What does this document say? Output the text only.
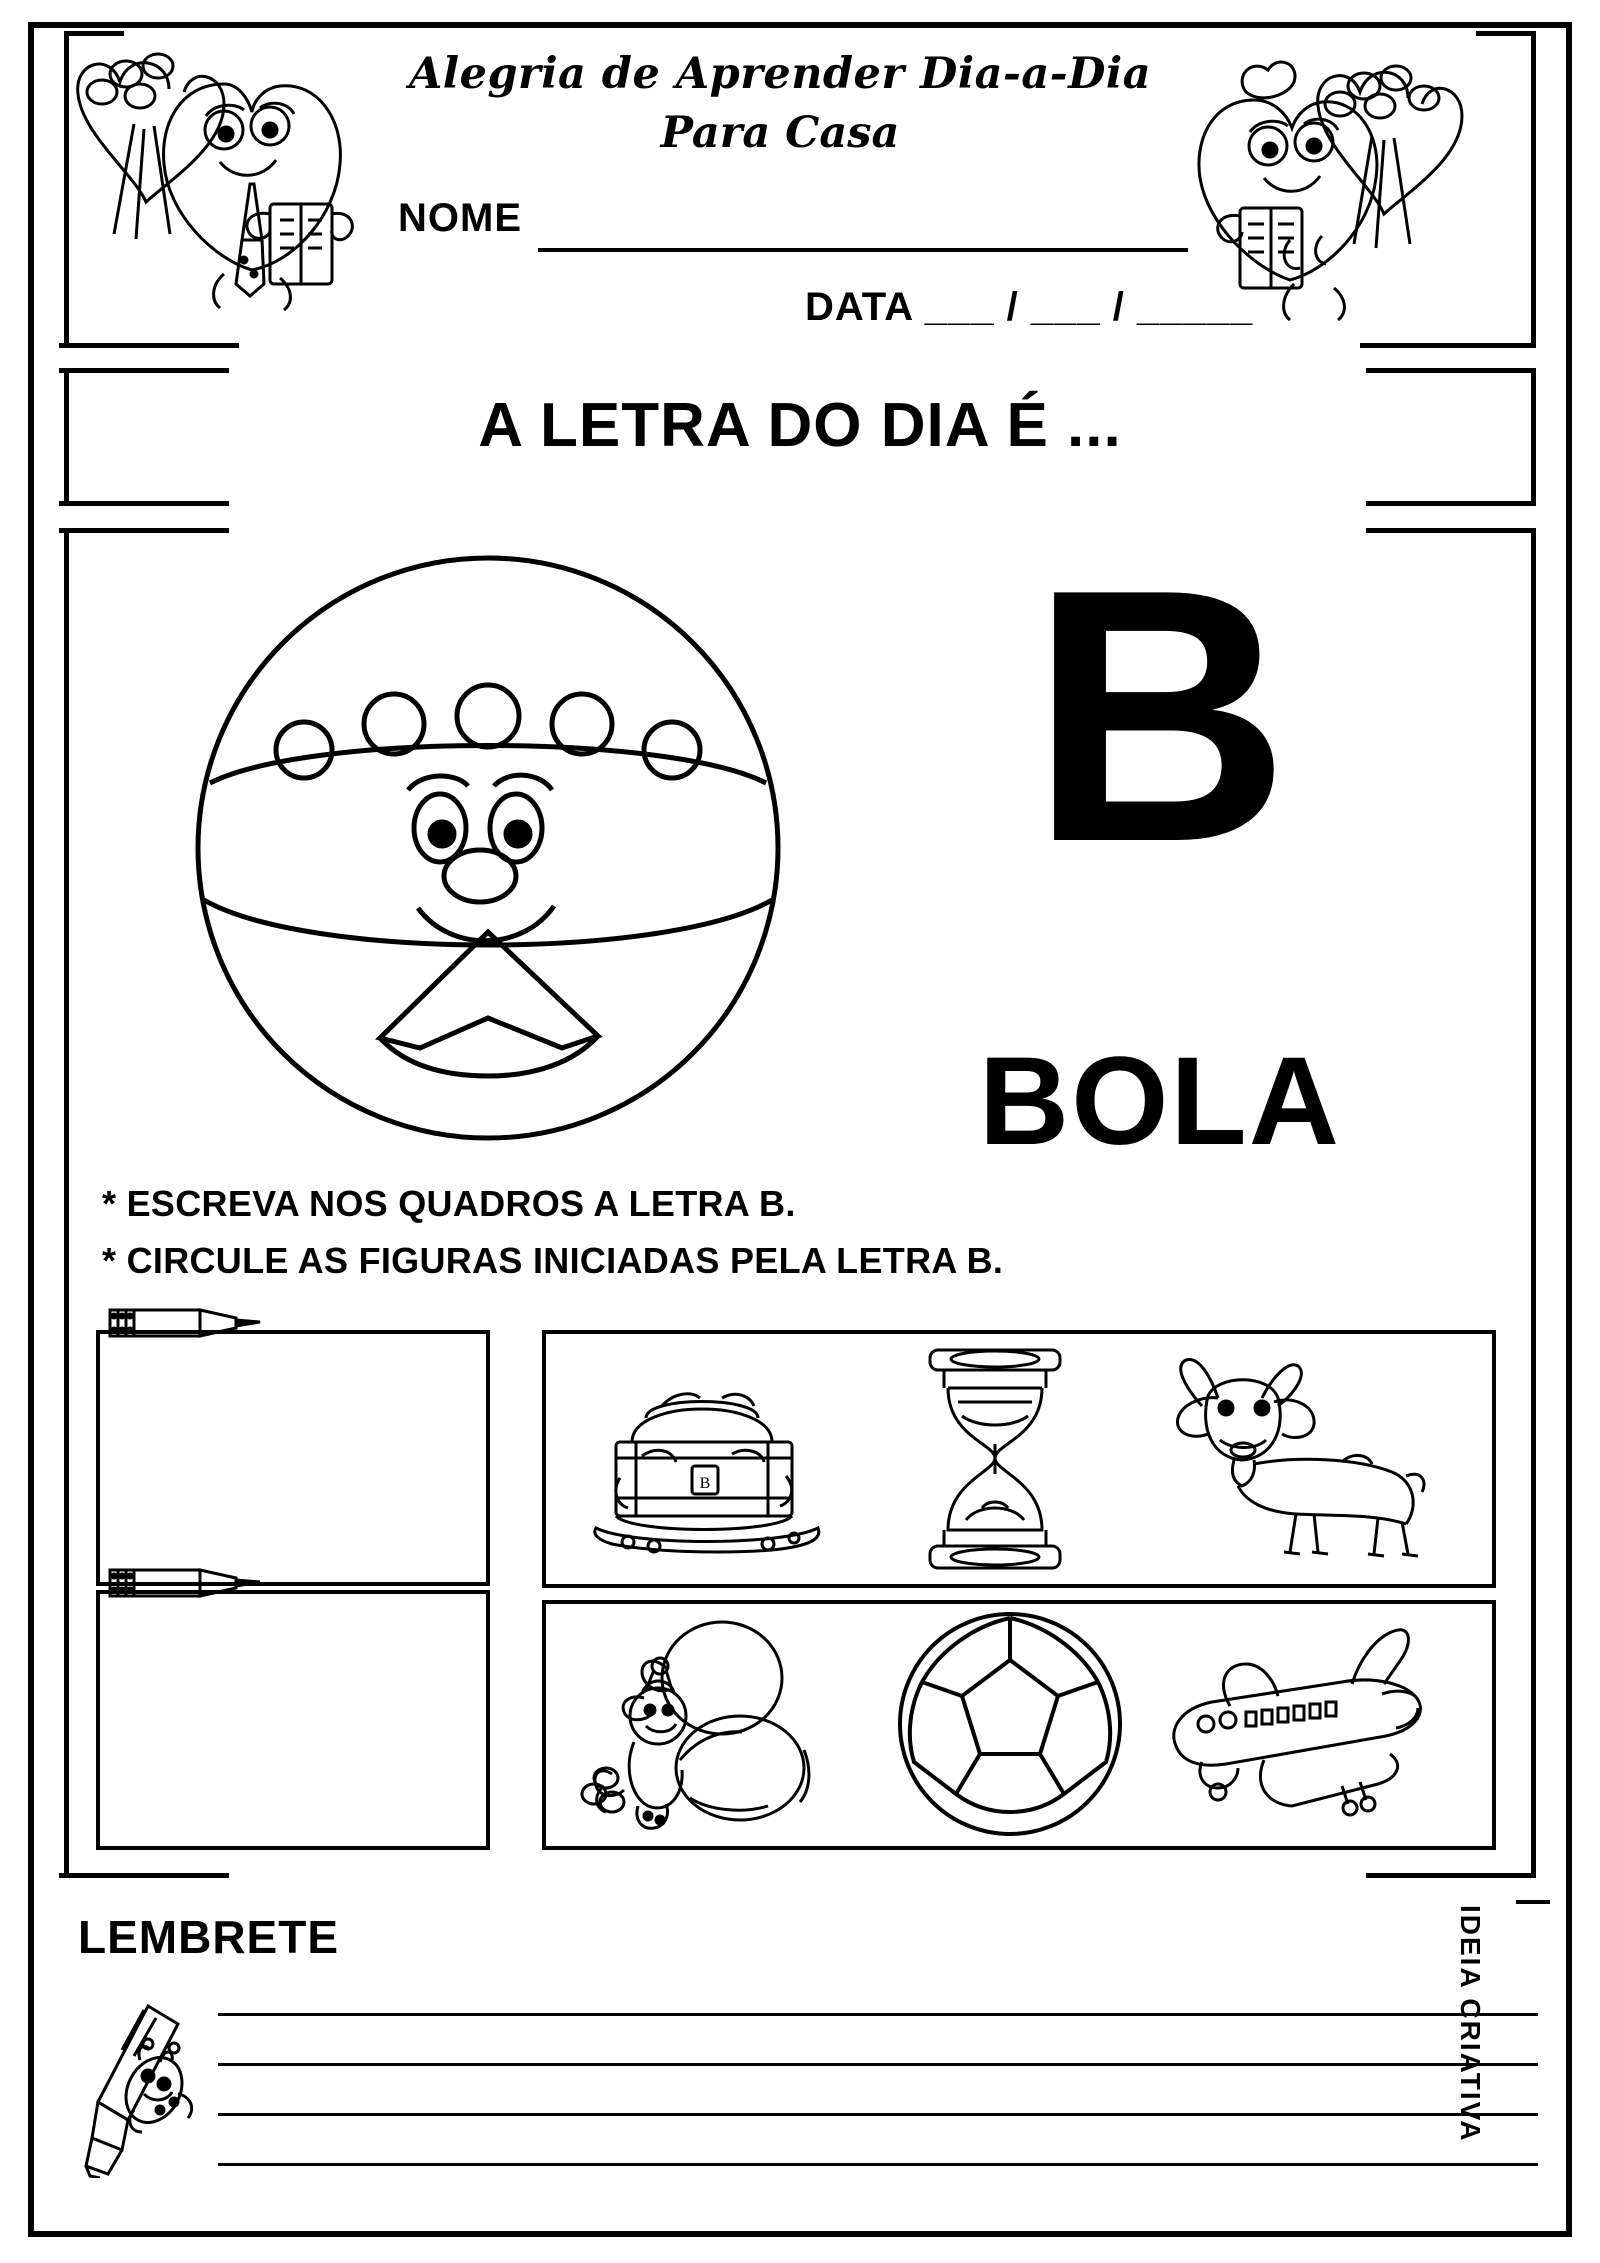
Alegria de Aprender Dia-a-Dia
Para Casa
NOME
DATA ___ / ___ / _____
A LETRA DO DIA É ...
B
BOLA
* ESCREVA NOS QUADROS A LETRA B.
* CIRCULE AS FIGURAS INICIADAS PELA LETRA B.
B
LEMBRETE	IDEIA CRIATIVA
